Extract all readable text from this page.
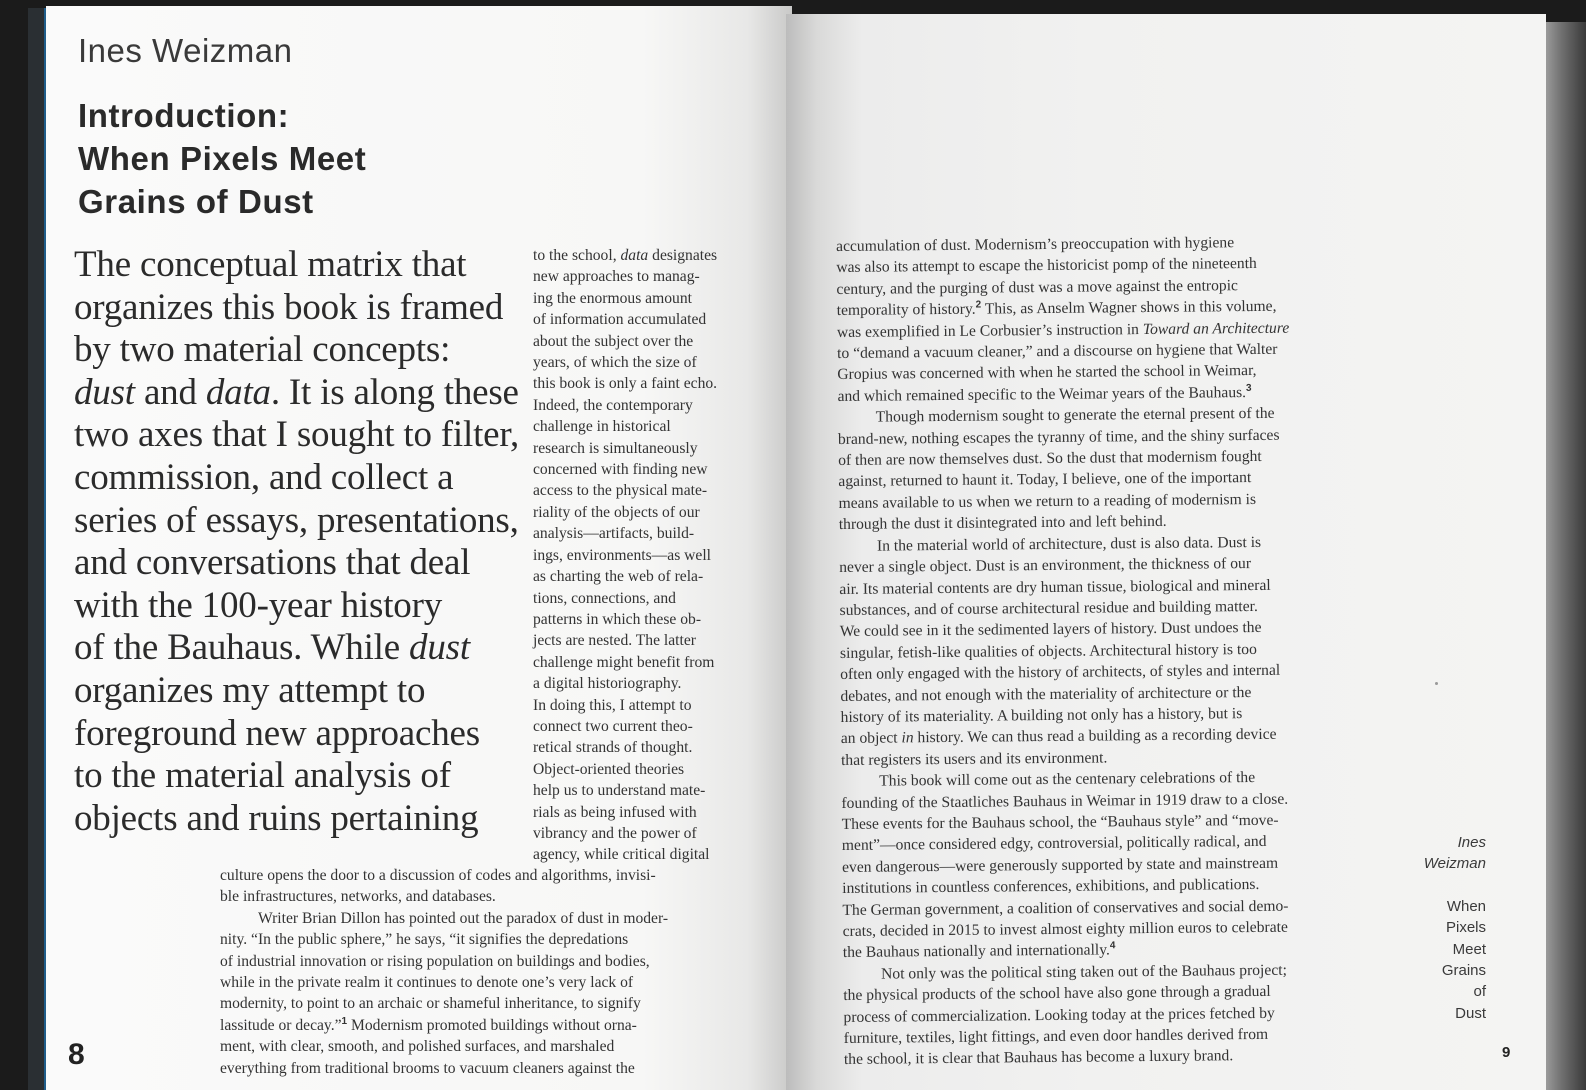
Ines Weizman
Introduction:
When Pixels Meet
Grains of Dust

The conceptual matrix that
organizes this book is framed
by two material concepts:
dust and data. It is along these
two axes that I sought to filter,
commission, and collect a
series of essays, presentations,
and conversations that deal
with the 100-year history
of the Bauhaus. While dust
organizes my attempt to
foreground new approaches
to the material analysis of
objects and ruins pertaining

to the school, data designates
new approaches to manag-
ing the enormous amount
of information accumulated
about the subject over the
years, of which the size of
this book is only a faint echo.
Indeed, the contemporary
challenge in historical
research is simultaneously
concerned with finding new
access to the physical mate-
riality of the objects of our
analysis—artifacts, build-
ings, environments—as well
as charting the web of rela-
tions, connections, and
patterns in which these ob-
jects are nested. The latter
challenge might benefit from
a digital historiography.
In doing this, I attempt to
connect two current theo-
retical strands of thought.
Object-oriented theories
help us to understand mate-
rials as being infused with
vibrancy and the power of
agency, while critical digital

culture opens the door to a discussion of codes and algorithms, invisi-
ble infrastructures, networks, and databases.
Writer Brian Dillon has pointed out the paradox of dust in moder-
nity. “In the public sphere,” he says, “it signifies the depredations
of industrial innovation or rising population on buildings and bodies,
while in the private realm it continues to denote one’s very lack of
modernity, to point to an archaic or shameful inheritance, to signify
lassitude or decay.”$^1$ Modernism promoted buildings without orna-
ment, with clear, smooth, and polished surfaces, and marshaled
everything from traditional brooms to vacuum cleaners against the

8

accumulation of dust. Modernism’s preoccupation with hygiene
was also its attempt to escape the historicist pomp of the nineteenth
century, and the purging of dust was a move against the entropic
temporality of history.$^2$ This, as Anselm Wagner shows in this volume,
was exemplified in Le Corbusier’s instruction in Toward an Architecture
to “demand a vacuum cleaner,” and a discourse on hygiene that Walter
Gropius was concerned with when he started the school in Weimar,
and which remained specific to the Weimar years of the Bauhaus.$^3$
Though modernism sought to generate the eternal present of the
brand-new, nothing escapes the tyranny of time, and the shiny surfaces
of then are now themselves dust. So the dust that modernism fought
against, returned to haunt it. Today, I believe, one of the important
means available to us when we return to a reading of modernism is
through the dust it disintegrated into and left behind.
In the material world of architecture, dust is also data. Dust is
never a single object. Dust is an environment, the thickness of our
air. Its material contents are dry human tissue, biological and mineral
substances, and of course architectural residue and building matter.
We could see in it the sedimented layers of history. Dust undoes the
singular, fetish-like qualities of objects. Architectural history is too
often only engaged with the history of architects, of styles and internal
debates, and not enough with the materiality of architecture or the
history of its materiality. A building not only has a history, but is
an object in history. We can thus read a building as a recording device
that registers its users and its environment.
This book will come out as the centenary celebrations of the
founding of the Staatliches Bauhaus in Weimar in 1919 draw to a close.
These events for the Bauhaus school, the “Bauhaus style” and “move-
ment”—once considered edgy, controversial, politically radical, and
even dangerous—were generously supported by state and mainstream
institutions in countless conferences, exhibitions, and publications.
The German government, a coalition of conservatives and social demo-
crats, decided in 2015 to invest almost eighty million euros to celebrate
the Bauhaus nationally and internationally.$^4$
Not only was the political sting taken out of the Bauhaus project;
the physical products of the school have also gone through a gradual
process of commercialization. Looking today at the prices fetched by
furniture, textiles, light fittings, and even door handles derived from
the school, it is clear that Bauhaus has become a luxury brand.

Ines
Weizman
When
Pixels
Meet
Grains
of
Dust
9
